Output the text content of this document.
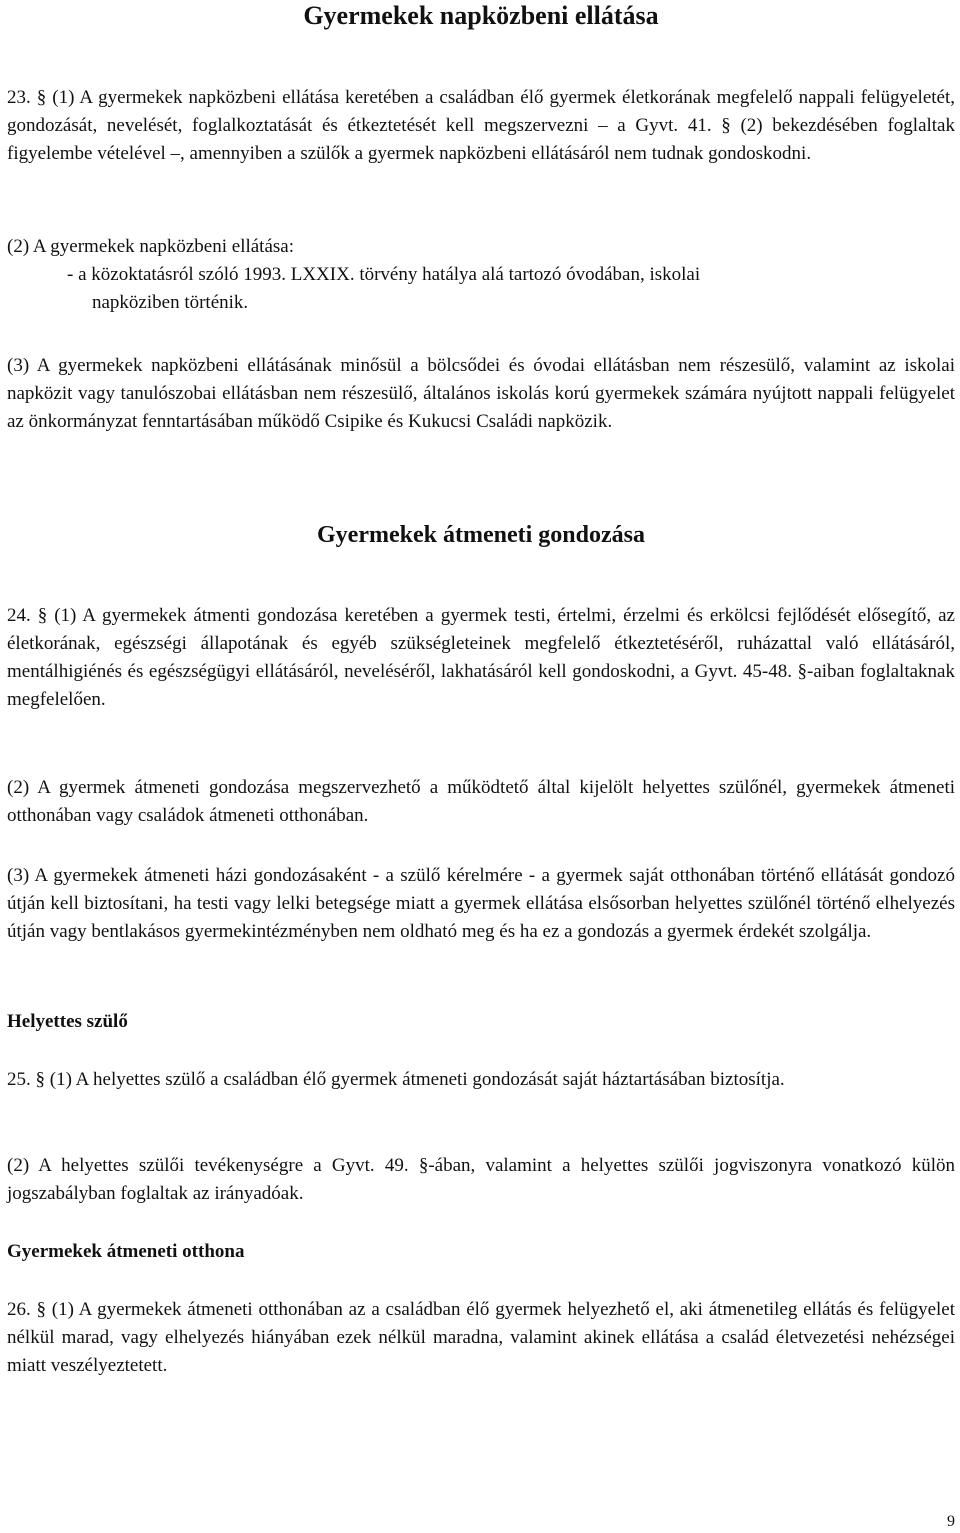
Gyermekek napközbeni ellátása

23. § (1) A gyermekek napközbeni ellátása keretében a családban élő gyermek életkorának megfelelő nappali felügyeletét, gondozását, nevelését, foglalkoztatását és étkeztetését kell megszervezni – a Gyvt. 41. § (2) bekezdésében foglaltak figyelembe vételével –, amennyiben a szülők a gyermek napközbeni ellátásáról nem tudnak gondoskodni.

(2) A gyermekek napközbeni ellátása:

- a közoktatásról szóló 1993. LXXIX. törvény hatálya alá tartozó óvodában, iskolai
napköziben történik.

(3) A gyermekek napközbeni ellátásának minősül a bölcsődei és óvodai ellátásban nem részesülő, valamint az iskolai napközit vagy tanulószobai ellátásban nem részesülő, általános iskolás korú gyermekek számára nyújtott nappali felügyelet az önkormányzat fenntartásában működő Csipike és Kukucsi Családi napközik.

Gyermekek átmeneti gondozása

24. § (1) A gyermekek átmenti gondozása keretében a gyermek testi, értelmi, érzelmi és erkölcsi fejlődését elősegítő, az életkorának, egészségi állapotának és egyéb szükségleteinek megfelelő étkeztetéséről, ruházattal való ellátásáról, mentálhigiénés és egészségügyi ellátásáról, neveléséről, lakhatásáról kell gondoskodni, a Gyvt. 45-48. §-aiban foglaltaknak megfelelően.

(2) A gyermek átmeneti gondozása megszervezhető a működtető által kijelölt helyettes szülőnél, gyermekek átmeneti otthonában vagy családok átmeneti otthonában.

(3) A gyermekek átmeneti házi gondozásaként - a szülő kérelmére - a gyermek saját otthonában történő ellátását gondozó útján kell biztosítani, ha testi vagy lelki betegsége miatt a gyermek ellátása elsősorban helyettes szülőnél történő elhelyezés útján vagy bentlakásos gyermekintézményben nem oldható meg és ha ez a gondozás a gyermek érdekét szolgálja.

Helyettes szülő

25. § (1) A helyettes szülő a családban élő gyermek átmeneti gondozását saját háztartásában biztosítja.

(2) A helyettes szülői tevékenységre a Gyvt. 49. §-ában, valamint a helyettes szülői jogviszonyra vonatkozó külön jogszabályban foglaltak az irányadóak.

Gyermekek átmeneti otthona

26. § (1) A gyermekek átmeneti otthonában az a családban élő gyermek helyezhető el, aki átmenetileg ellátás és felügyelet nélkül marad, vagy elhelyezés hiányában ezek nélkül maradna, valamint akinek ellátása a család életvezetési nehézségei miatt veszélyeztetett.

9
